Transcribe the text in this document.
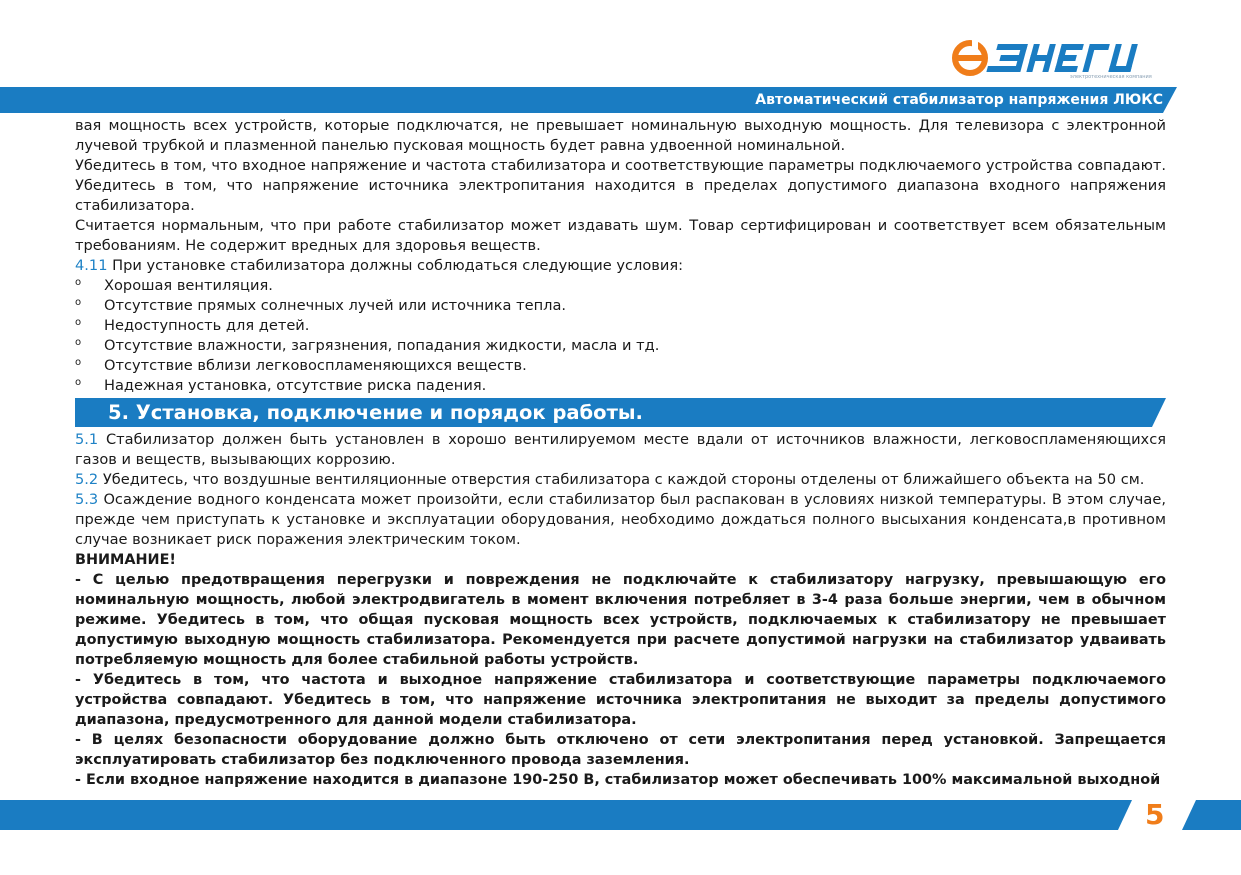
электротехническая компания
Автоматический стабилизатор напряжения ЛЮКС

вая мощность всех устройств, которые подключатся, не превышает номинальную выходную мощность. Для телевизора с электронной лучевой трубкой и плазменной панелью пусковая мощность будет равна удвоенной номинальной.

Убедитесь в том, что входное напряжение и частота стабилизатора и соответствующие параметры подключаемого устройства совпадают. Убедитесь в том, что напряжение источника электропитания находится в пределах допустимого диапазона входного напряжения стабилизатора.

Считается нормальным, что при работе стабилизатор может издавать шум. Товар сертифицирован и соответствует всем обязательным требованиям. Не содержит вредных для здоровья веществ.

4.11 При установке стабилизатора должны соблюдаться следующие условия:

o Хорошая вентиляция.
o Отсутствие прямых солнечных лучей или источника тепла.
o Недоступность для детей.
o Отсутствие влажности, загрязнения, попадания жидкости, масла и тд.
o Отсутствие вблизи легковоспламеняющихся веществ.
o Надежная установка, отсутствие риска падения.
5. Установка, подключение и порядок работы.

5.1 Стабилизатор должен быть установлен в хорошо вентилируемом месте вдали от источников влажности, легковоспламеняющихся газов и веществ, вызывающих коррозию.

5.2 Убедитесь, что воздушные вентиляционные отверстия стабилизатора с каждой стороны отделены от ближайшего объекта на 50 см.

5.3 Осаждение водного конденсата может произойти, если стабилизатор был распакован в условиях низкой температуры. В этом случае, прежде чем приступать к установке и эксплуатации оборудования, необходимо дождаться полного высыхания конденсата,в противном случае возникает риск поражения электрическим током.

ВНИМАНИЕ!

- С целью предотвращения перегрузки и повреждения не подключайте к стабилизатору нагрузку, превышающую его номинальную мощность, любой электродвигатель в момент включения потребляет в 3-4 раза больше энергии, чем в обычном режиме. Убедитесь в том, что общая пусковая мощность всех устройств, подключаемых к стабилизатору не превышает допустимую выходную мощность стабилизатора. Рекомендуется при расчете допустимой нагрузки на стабилизатор удваивать потребляемую мощность для более стабильной работы устройств.

- Убедитесь в том, что частота и выходное напряжение стабилизатора и соответствующие параметры подключаемого устройства совпадают. Убедитесь в том, что напряжение источника электропитания не выходит за пределы допустимого диапазона, предусмотренного для данной модели стабилизатора.

- В целях безопасности оборудование должно быть отключено от сети электропитания перед установкой. Запрещается эксплуатировать стабилизатор без подключенного провода заземления.

- Если входное напряжение находится в диапазоне 190-250 В, стабилизатор может обеспечивать 100% максимальной выходной

5
